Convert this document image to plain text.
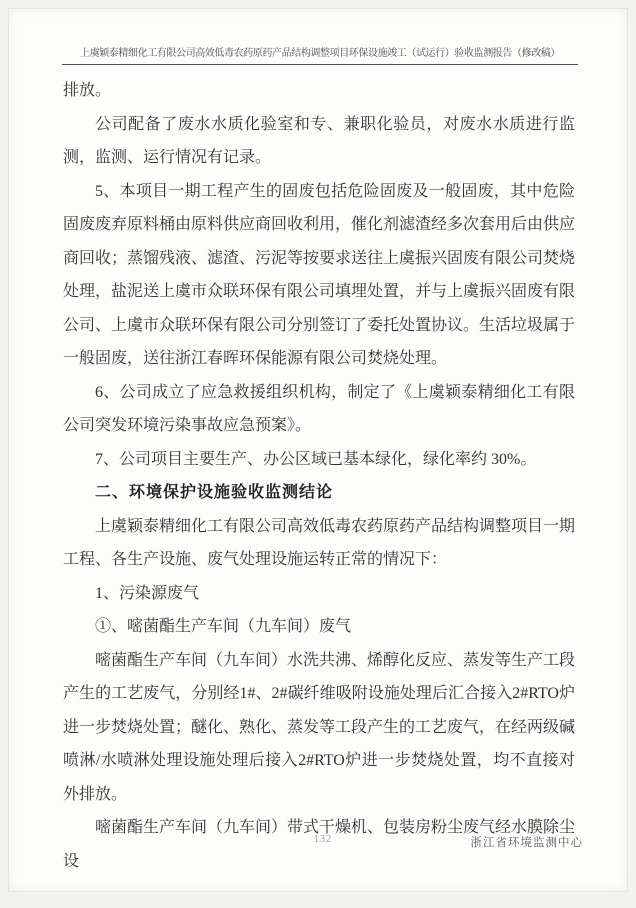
上虞颖泰精细化工有限公司高效低毒农药原药产品结构调整项目环保设施竣工（试运行）验收监测报告（修改稿）

排放。

公司配备了废水水质化验室和专、兼职化验员，对废水水质进行监测，监测、运行情况有记录。

5、本项目一期工程产生的固废包括危险固废及一般固废，其中危险固废废弃原料桶由原料供应商回收利用，催化剂滤渣经多次套用后由供应商回收；蒸馏残液、滤渣、污泥等按要求送往上虞振兴固废有限公司焚烧处理，盐泥送上虞市众联环保有限公司填埋处置，并与上虞振兴固废有限公司、上虞市众联环保有限公司分别签订了委托处置协议。生活垃圾属于一般固废，送往浙江春晖环保能源有限公司焚烧处理。

6、公司成立了应急救援组织机构，制定了《上虞颖泰精细化工有限公司突发环境污染事故应急预案》。

7、公司项目主要生产、办公区域已基本绿化，绿化率约 30%。

二、环境保护设施验收监测结论

上虞颖泰精细化工有限公司高效低毒农药原药产品结构调整项目一期工程、各生产设施、废气处理设施运转正常的情况下：

1、污染源废气

①、嘧菌酯生产车间（九车间）废气

嘧菌酯生产车间（九车间）水洗共沸、烯醇化反应、蒸发等生产工段产生的工艺废气，分别经1#、2#碳纤维吸附设施处理后汇合接入2#RTO炉进一步焚烧处置；醚化、熟化、蒸发等工段产生的工艺废气，在经两级碱喷淋/水喷淋处理设施处理后接入2#RTO炉进一步焚烧处置，均不直接对外排放。

嘧菌酯生产车间（九车间）带式干燥机、包装房粉尘废气经水膜除尘设

132	浙江省环境监测中心
